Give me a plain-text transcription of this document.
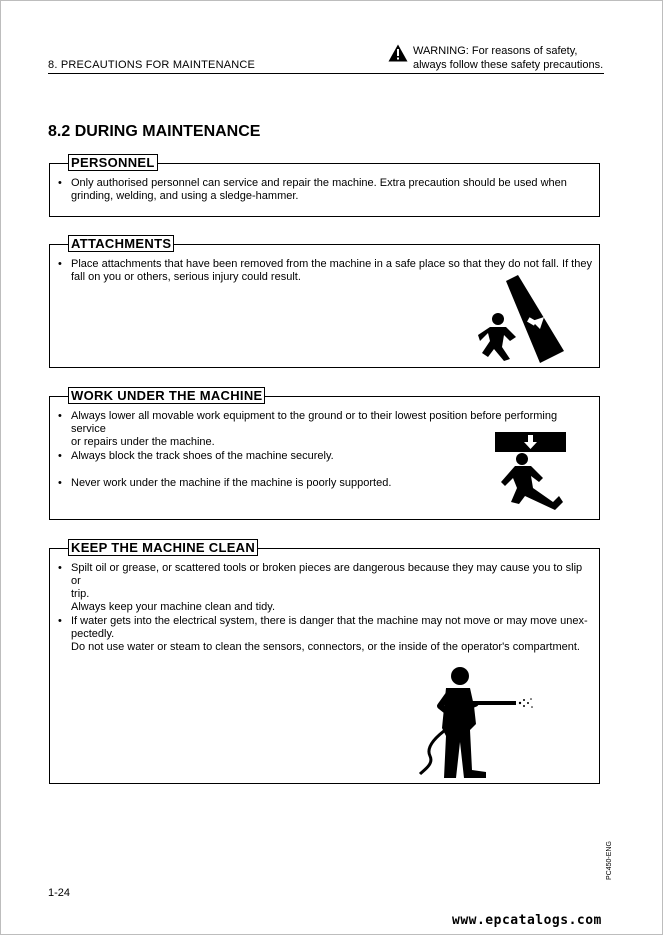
8. PRECAUTIONS FOR MAINTENANCE
WARNING: For reasons of safety,
always follow these safety precautions.
8.2 DURING MAINTENANCE
PERSONNEL
• Only authorised personnel can service and repair the machine. Extra precaution should be used when
grinding, welding, and using a sledge-hammer.
ATTACHMENTS
• Place attachments that have been removed from the machine in a safe place so that they do not fall. If they
fall on you or others, serious injury could result.
WORK UNDER THE MACHINE
• Always lower all movable work equipment to the ground or to their lowest position before performing service
or repairs under the machine.
• Always block the track shoes of the machine securely.
• Never work under the machine if the machine is poorly supported.
KEEP THE MACHINE CLEAN
• Spilt oil or grease, or scattered tools or broken pieces are dangerous because they may cause you to slip or
trip.
Always keep your machine clean and tidy.
• If water gets into the electrical system, there is danger that the machine may not move or may move unex-
pectedly.
Do not use water or steam to clean the sensors, connectors, or the inside of the operator's compartment.
1-24
PC450-ENG
www.epcatalogs.com
